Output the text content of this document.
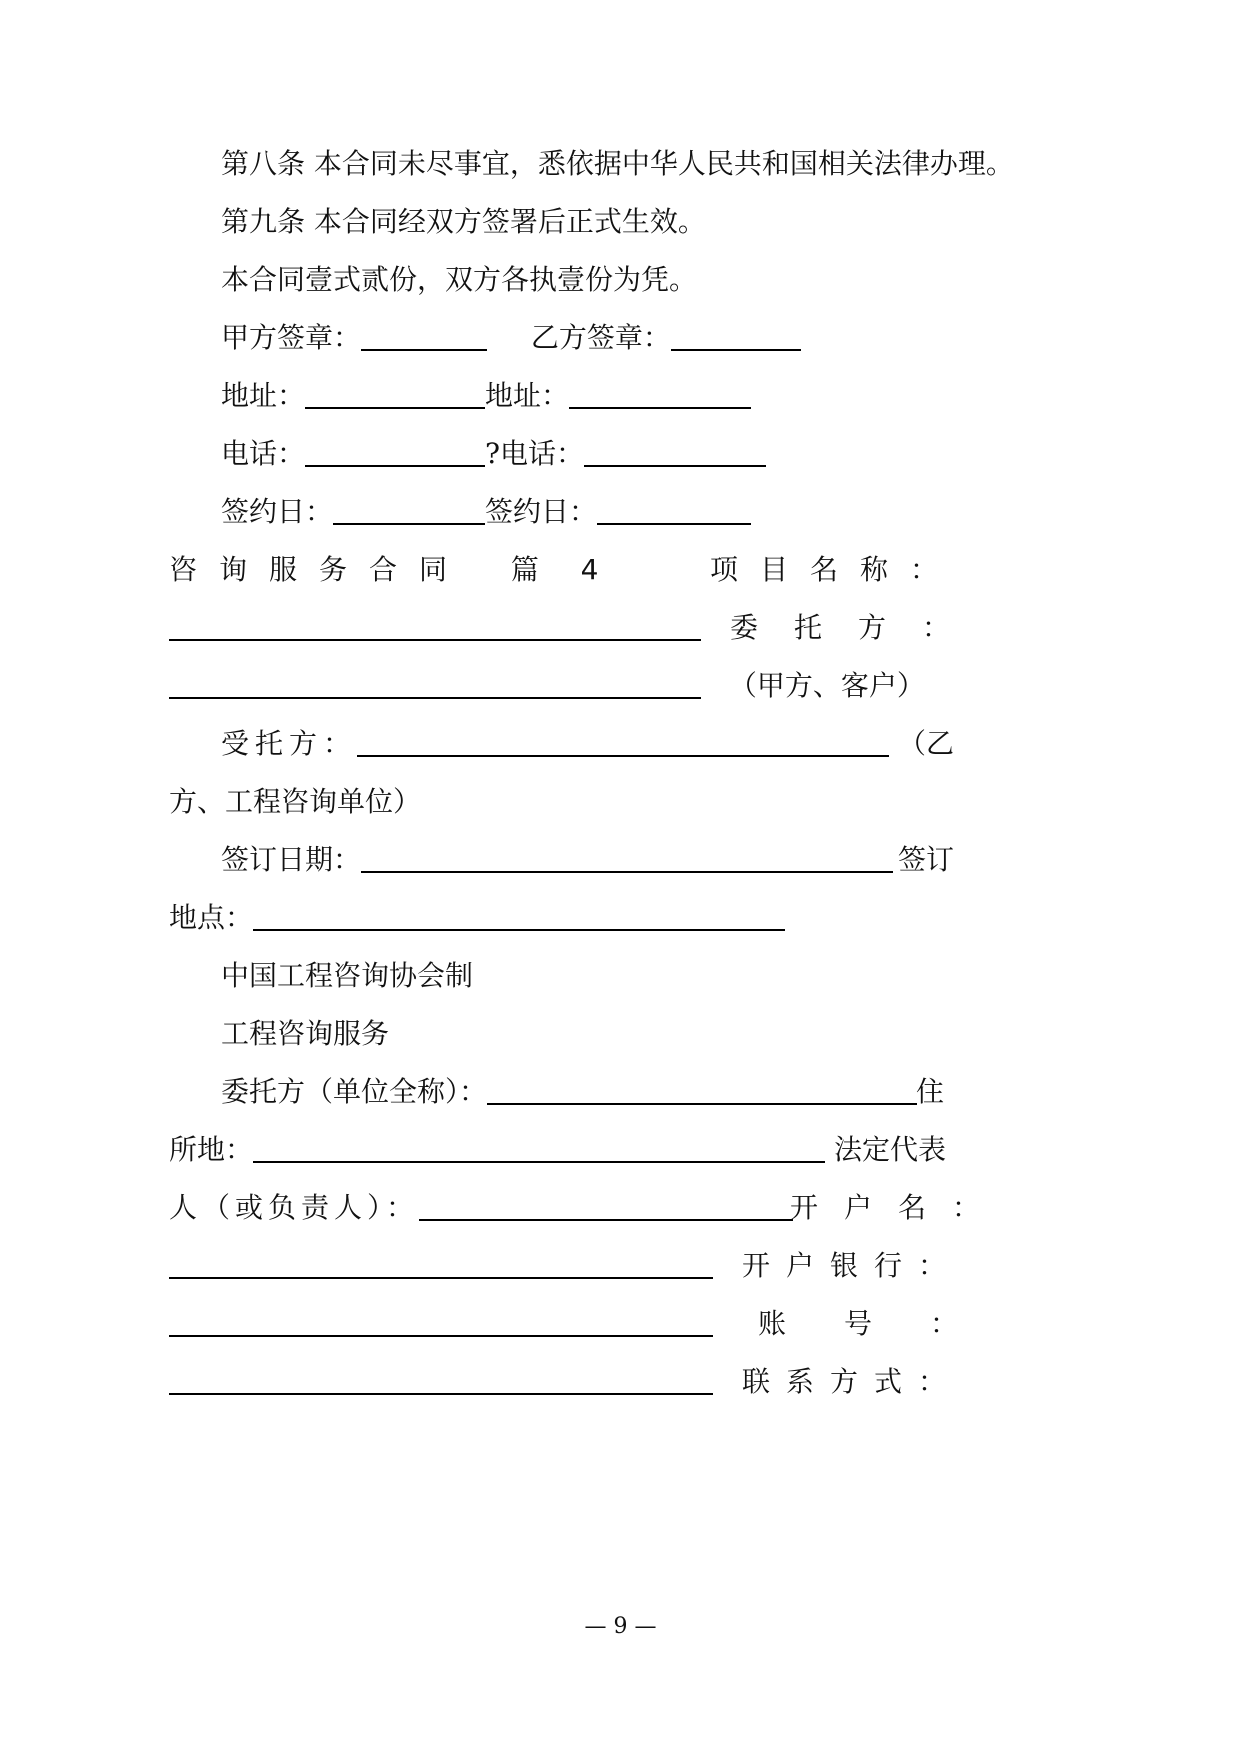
第八条 本合同未尽事宜，悉依据中华人民共和国相关法律办理。
第九条 本合同经双方签署后正式生效。
本合同壹式贰份，双方各执壹份为凭。
甲方签章：	乙方签章：
地址：	地址：
电话：	?电话：
签约日：	签约日：
咨询服务合同 篇 4	项目名称：
委托方：
（甲方、客户）
受托方：	（乙
方、工程咨询单位）
签订日期：	签订
地点：
中国工程咨询协会制
工程咨询服务
委托方（单位全称）：	住
所地：	法定代表
人（或负责人）：	开户名：
开户银行：
账号：
联系方式：
— 9 —
